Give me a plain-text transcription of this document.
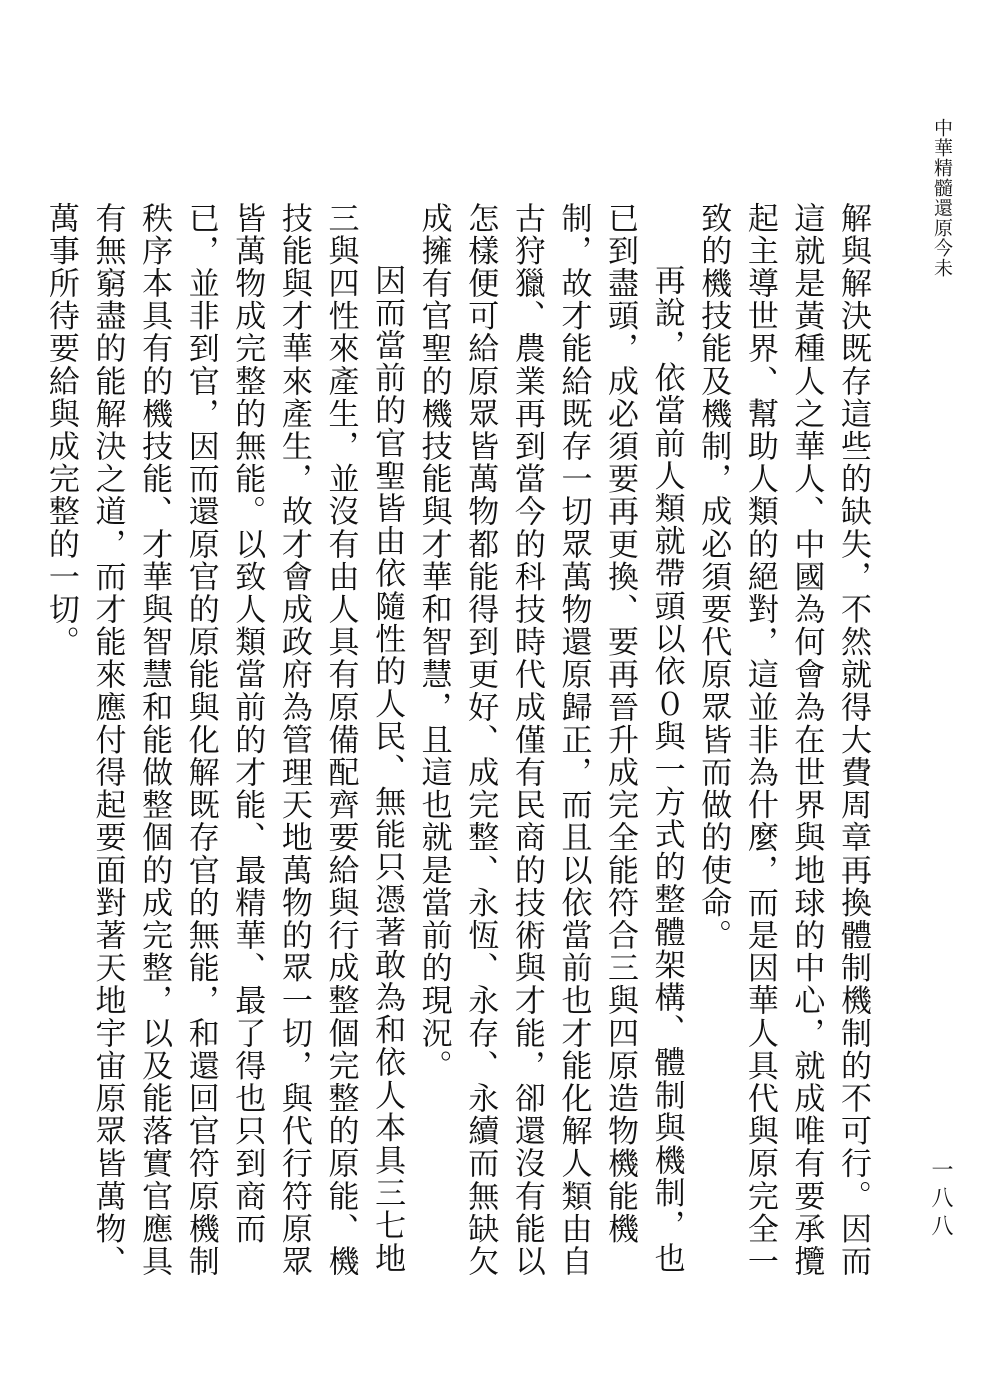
中華精髓還原今未
一八八

解與解決既存這些的缺失，不然就得大費周章再換體制機制的不可行。因而這就是黃種人之華人、中國為何會為在世界與地球的中心，就成唯有要承攬起主導世界、幫助人類的絕對，這並非為什麼，而是因華人具代與原完全一致的機技能及機制，成必須要代原眾皆而做的使命。

再說，依當前人類就帶頭以依０與一方式的整體架構、體制與機制，也已到盡頭，成必須要再更換、要再晉升成完全能符合三與四原造物機能機制，故才能給既存一切眾萬物還原歸正，而且以依當前也才能化解人類由自古狩獵、農業再到當今的科技時代成僅有民商的技術與才能，卻還沒有能以怎樣便可給原眾皆萬物都能得到更好、成完整、永恆、永存、永續而無缺欠成擁有官聖的機技能與才華和智慧，且這也就是當前的現況。

因而當前的官聖皆由依隨性的人民、無能只憑著敢為和依人本具三七地三與四性來產生，並沒有由人具有原備配齊要給與行成整個完整的原能、機技能與才華來產生，故才會成政府為管理天地萬物的眾一切，與代行符原眾皆萬物成完整的無能。以致人類當前的才能、最精華、最了得也只到商而已，並非到官，因而還原官的原能與化解既存官的無能，和還回官符原機制秩序本具有的機技能、才華與智慧和能做整個的成完整，以及能落實官應具有無窮盡的能解決之道，而才能來應付得起要面對著天地宇宙原眾皆萬物、萬事所待要給與成完整的一切。
